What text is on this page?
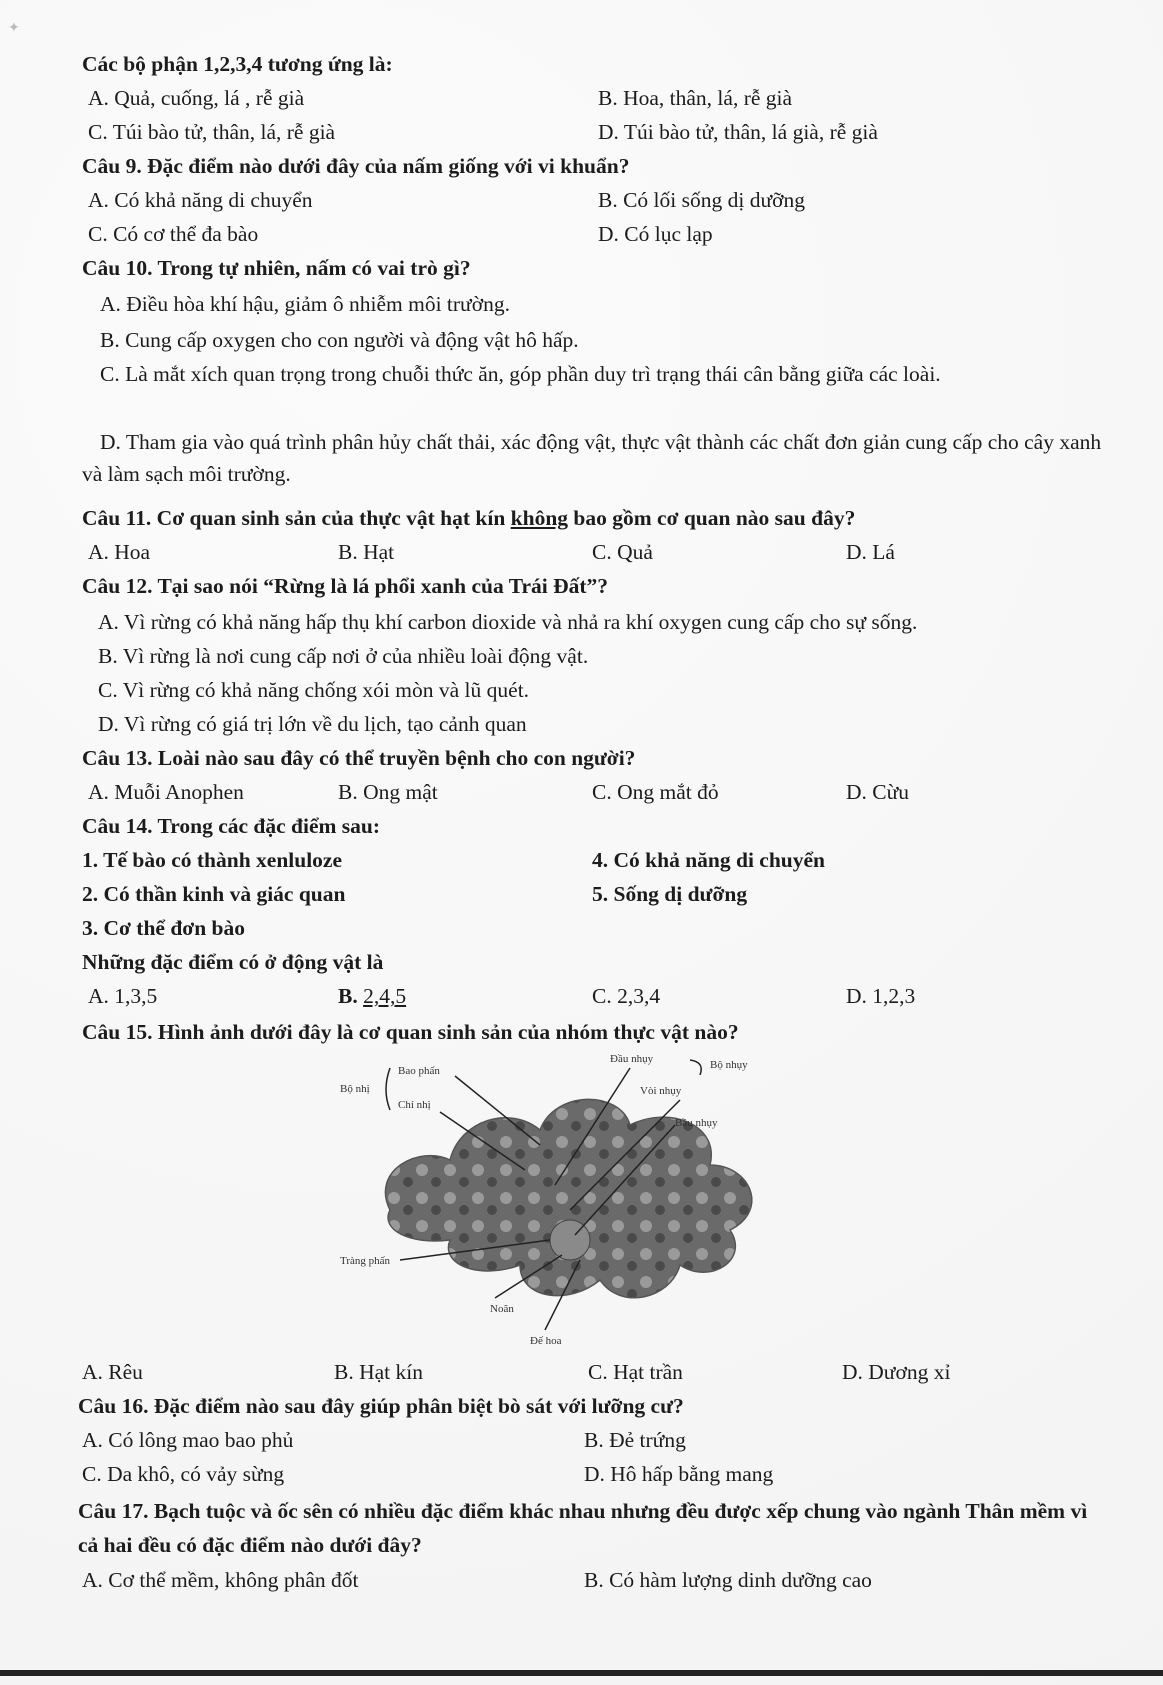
✦
Các bộ phận 1,2,3,4 tương ứng là:
A. Quả, cuống, lá , rễ già	B. Hoa, thân, lá, rễ già
C. Túi bào tử, thân, lá, rễ già	D. Túi bào tử, thân, lá già, rễ già
Câu 9. Đặc điểm nào dưới đây của nấm giống với vi khuẩn?
A. Có khả năng di chuyển	B. Có lối sống dị dưỡng
C. Có cơ thể đa bào	D. Có lục lạp
Câu 10. Trong tự nhiên, nấm có vai trò gì?
A. Điều hòa khí hậu, giảm ô nhiễm môi trường.
B. Cung cấp oxygen cho con người và động vật hô hấp.
C. Là mắt xích quan trọng trong chuỗi thức ăn, góp phần duy trì trạng thái cân bằng giữa các loài.
D. Tham gia vào quá trình phân hủy chất thải, xác động vật, thực vật thành các chất đơn giản cung cấp cho cây xanh và làm sạch môi trường.
Câu 11. Cơ quan sinh sản của thực vật hạt kín không bao gồm cơ quan nào sau đây?
A. Hoa	B. Hạt	C. Quả	D. Lá
Câu 12. Tại sao nói “Rừng là lá phổi xanh của Trái Đất”?
A. Vì rừng có khả năng hấp thụ khí carbon dioxide và nhả ra khí oxygen cung cấp cho sự sống.
B. Vì rừng là nơi cung cấp nơi ở của nhiều loài động vật.
C. Vì rừng có khả năng chống xói mòn và lũ quét.
D. Vì rừng có giá trị lớn về du lịch, tạo cảnh quan
Câu 13. Loài nào sau đây có thể truyền bệnh cho con người?
A. Muỗi Anophen	B. Ong mật	C. Ong mắt đỏ	D. Cừu
Câu 14. Trong các đặc điểm sau:
1. Tế bào có thành xenluloze	4. Có khả năng di chuyển
2. Có thần kinh và giác quan	5. Sống dị dưỡng
3. Cơ thể đơn bào
Những đặc điểm có ở động vật là
A. 1,3,5	B. 2,4,5	C. 2,3,4	D. 1,2,3
Câu 15. Hình ảnh dưới đây là cơ quan sinh sản của nhóm thực vật nào?
Đầu nhụy	Bộ nhụy
Bao phấn
Bộ nhị
Chỉ nhị
Vòi nhụy
Bầu nhụy
Tràng phấn
Noãn
Đế hoa
A. Rêu	B. Hạt kín	C. Hạt trần	D. Dương xỉ
Câu 16. Đặc điểm nào sau đây giúp phân biệt bò sát với lưỡng cư?
A. Có lông mao bao phủ	B. Đẻ trứng
C. Da khô, có vảy sừng	D. Hô hấp bằng mang
Câu 17. Bạch tuộc và ốc sên có nhiều đặc điểm khác nhau nhưng đều được xếp chung vào ngành Thân mềm vì cả hai đều có đặc điểm nào dưới đây?
A. Cơ thể mềm, không phân đốt	B. Có hàm lượng dinh dưỡng cao
